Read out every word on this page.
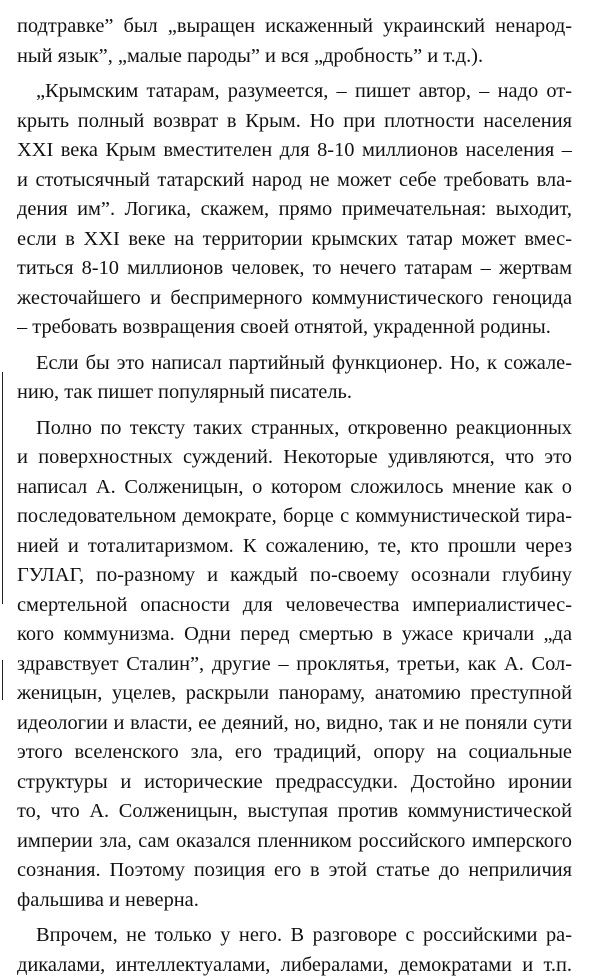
подтравке” был „выращен искаженный украинский ненарод-
ный язык”, „малые пароды” и вся „дробность” и т.д.).
„Крымским татарам, разумеется, – пишет автор, – надо от-
крыть полный возврат в Крым. Но при плотности населения
XXI века Крым вместителен для 8-10 миллионов населения –
и стотысячный татарский народ не может себе требовать вла-
дения им”. Логика, скажем, прямо примечательная: выходит,
если в XXI веке на территории крымских татар может вмес-
титься 8-10 миллионов человек, то нечего татарам – жертвам
жесточайшего и беспримерного коммунистического геноцида
– требовать возвращения своей отнятой, украденной родины.
Если бы это написал партийный функционер. Но, к сожале-
нию, так пишет популярный писатель.
Полно по тексту таких странных, откровенно реакционных
и поверхностных суждений. Некоторые удивляются, что это
написал А. Солженицын, о котором сложилось мнение как о
последовательном демократе, борце с коммунистической тира-
нией и тоталитаризмом. К сожалению, те, кто прошли через
ГУЛАГ, по-разному и каждый по-своему осознали глубину
смертельной опасности для человечества империалистичес-
кого коммунизма. Одни перед смертью в ужасе кричали „да
здравствует Сталин”, другие – проклятья, третьи, как А. Сол-
женицын, уцелев, раскрыли панораму, анатомию преступной
идеологии и власти, ее деяний, но, видно, так и не поняли сути
этого вселенского зла, его традиций, опору на социальные
структуры и исторические предрассудки. Достойно иронии
то, что А. Солженицын, выступая против коммунистической
империи зла, сам оказался пленником российского имперского
сознания. Поэтому позиция его в этой статье до неприличия
фальшива и неверна.
Впрочем, не только у него. В разговоре с российскими ра-
дикалами, интеллектуалами, либералами, демократами и т.п.
